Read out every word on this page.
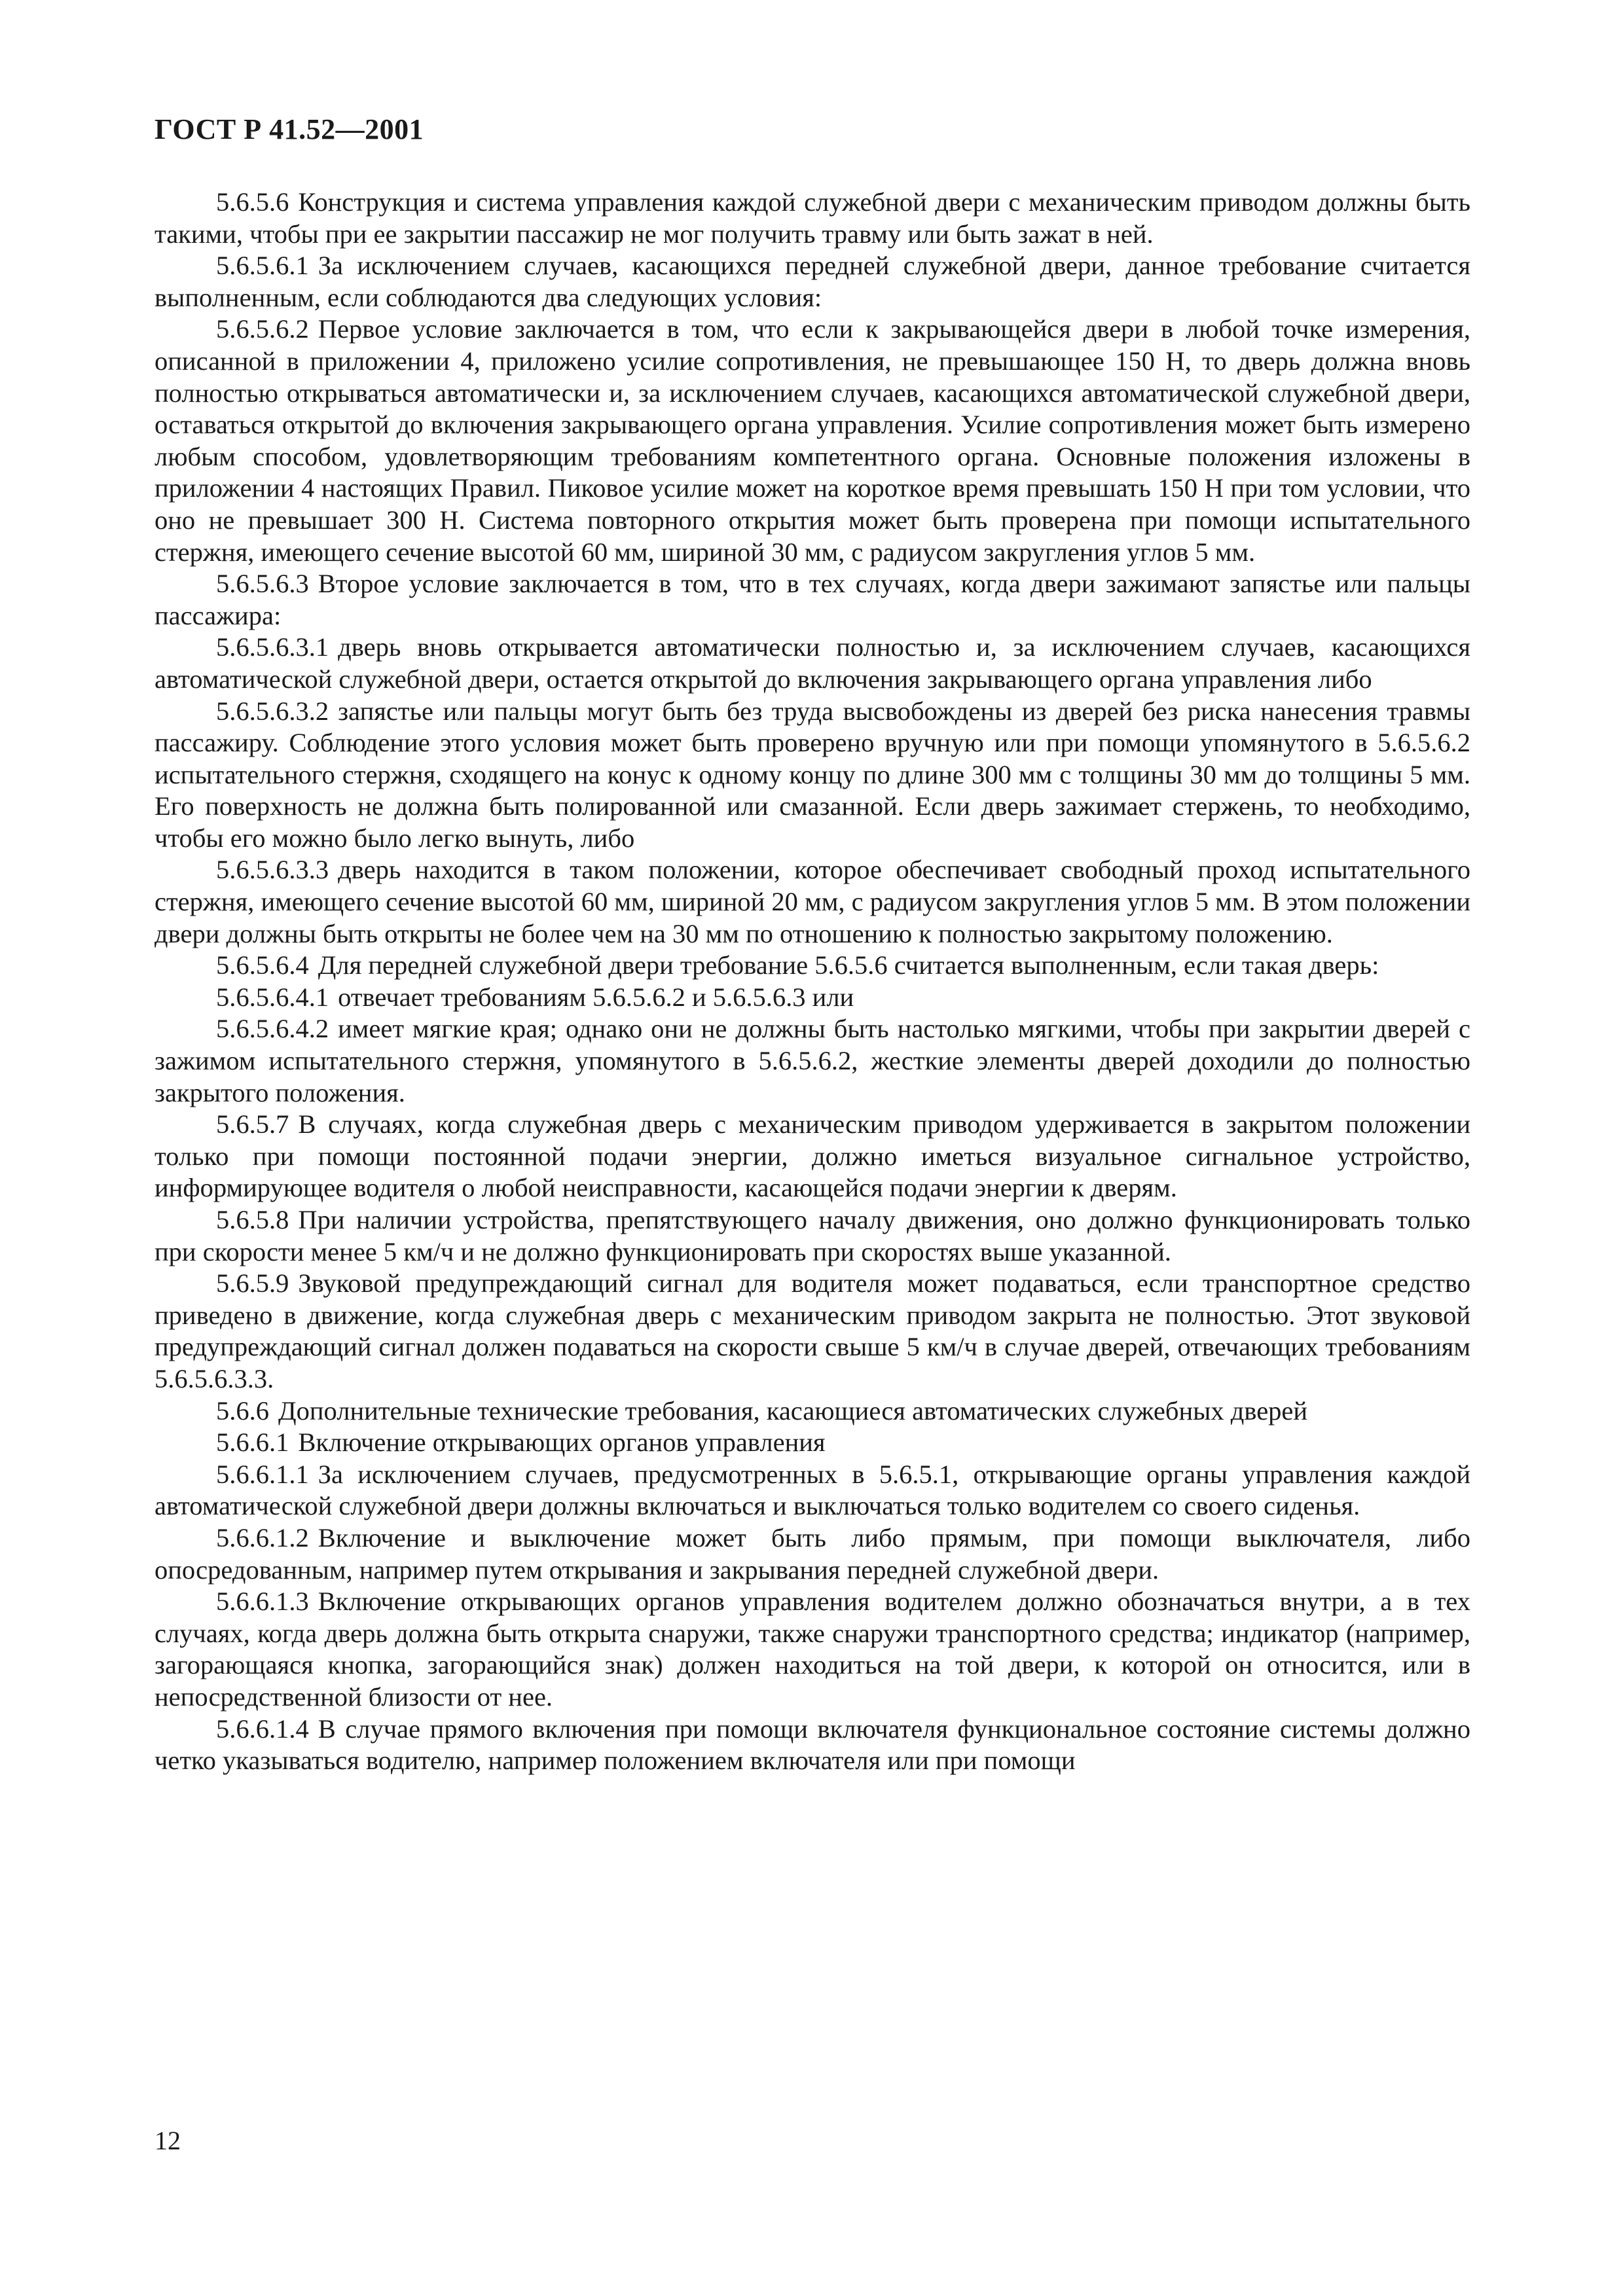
ГОСТ Р 41.52—2001

5.6.5.6 Конструкция и система управления каждой служебной двери с механическим приводом должны быть такими, чтобы при ее закрытии пассажир не мог получить травму или быть зажат в ней.

5.6.5.6.1 За исключением случаев, касающихся передней служебной двери, данное требование считается выполненным, если соблюдаются два следующих условия:

5.6.5.6.2 Первое условие заключается в том, что если к закрывающейся двери в любой точке измерения, описанной в приложении 4, приложено усилие сопротивления, не превышающее 150 Н, то дверь должна вновь полностью открываться автоматически и, за исключением случаев, касающихся автоматической служебной двери, оставаться открытой до включения закрывающего органа управления. Усилие сопротивления может быть измерено любым способом, удовлетворяющим требованиям компетентного органа. Основные положения изложены в приложении 4 настоящих Правил. Пиковое усилие может на короткое время превышать 150 Н при том условии, что оно не превышает 300 Н. Система повторного открытия может быть проверена при помощи испытательного стержня, имеющего сечение высотой 60 мм, шириной 30 мм, с радиусом закругления углов 5 мм.

5.6.5.6.3 Второе условие заключается в том, что в тех случаях, когда двери зажимают запястье или пальцы пассажира:

5.6.5.6.3.1 дверь вновь открывается автоматически полностью и, за исключением случаев, касающихся автоматической служебной двери, остается открытой до включения закрывающего органа управления либо

5.6.5.6.3.2 запястье или пальцы могут быть без труда высвобождены из дверей без риска нанесения травмы пассажиру. Соблюдение этого условия может быть проверено вручную или при помощи упомянутого в 5.6.5.6.2 испытательного стержня, сходящего на конус к одному концу по длине 300 мм с толщины 30 мм до толщины 5 мм. Его поверхность не должна быть полированной или смазанной. Если дверь зажимает стержень, то необходимо, чтобы его можно было легко вынуть, либо

5.6.5.6.3.3 дверь находится в таком положении, которое обеспечивает свободный проход испытательного стержня, имеющего сечение высотой 60 мм, шириной 20 мм, с радиусом закругления углов 5 мм. В этом положении двери должны быть открыты не более чем на 30 мм по отношению к полностью закрытому положению.

5.6.5.6.4 Для передней служебной двери требование 5.6.5.6 считается выполненным, если такая дверь:

5.6.5.6.4.1 отвечает требованиям 5.6.5.6.2 и 5.6.5.6.3 или

5.6.5.6.4.2 имеет мягкие края; однако они не должны быть настолько мягкими, чтобы при закрытии дверей с зажимом испытательного стержня, упомянутого в 5.6.5.6.2, жесткие элементы дверей доходили до полностью закрытого положения.

5.6.5.7 В случаях, когда служебная дверь с механическим приводом удерживается в закрытом положении только при помощи постоянной подачи энергии, должно иметься визуальное сигнальное устройство, информирующее водителя о любой неисправности, касающейся подачи энергии к дверям.

5.6.5.8 При наличии устройства, препятствующего началу движения, оно должно функционировать только при скорости менее 5 км/ч и не должно функционировать при скоростях выше указанной.

5.6.5.9 Звуковой предупреждающий сигнал для водителя может подаваться, если транспортное средство приведено в движение, когда служебная дверь с механическим приводом закрыта не полностью. Этот звуковой предупреждающий сигнал должен подаваться на скорости свыше 5 км/ч в случае дверей, отвечающих требованиям 5.6.5.6.3.3.

5.6.6 Дополнительные технические требования, касающиеся автоматических служебных дверей

5.6.6.1 Включение открывающих органов управления

5.6.6.1.1 За исключением случаев, предусмотренных в 5.6.5.1, открывающие органы управления каждой автоматической служебной двери должны включаться и выключаться только водителем со своего сиденья.

5.6.6.1.2 Включение и выключение может быть либо прямым, при помощи выключателя, либо опосредованным, например путем открывания и закрывания передней служебной двери.

5.6.6.1.3 Включение открывающих органов управления водителем должно обозначаться внутри, а в тех случаях, когда дверь должна быть открыта снаружи, также снаружи транспортного средства; индикатор (например, загорающаяся кнопка, загорающийся знак) должен находиться на той двери, к которой он относится, или в непосредственной близости от нее.

5.6.6.1.4 В случае прямого включения при помощи включателя функциональное состояние системы должно четко указываться водителю, например положением включателя или при помощи

12
